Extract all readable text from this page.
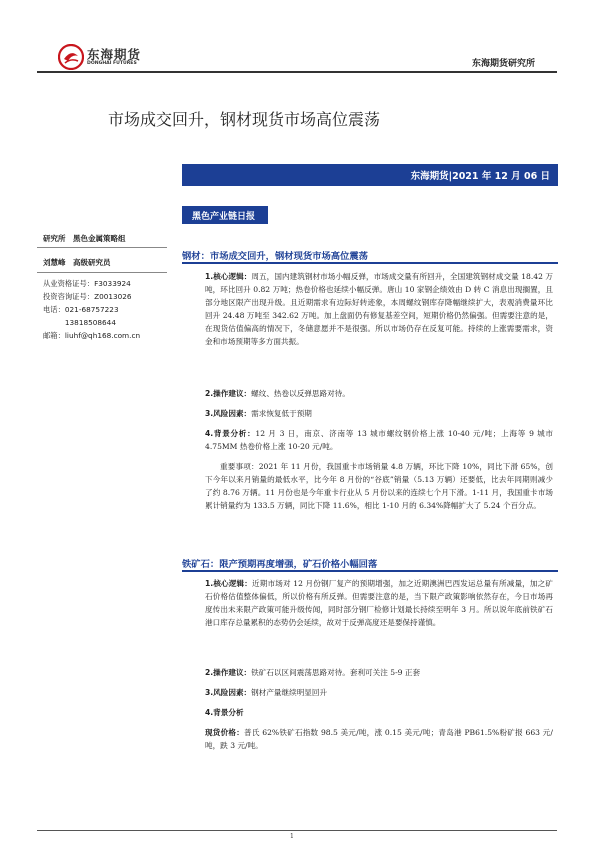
东海期货
DONGHAI FUTURES	东海期货研究所
市场成交回升，钢材现货市场高位震荡
东海期货|2021 年 12 月 06 日
黑色产业链日报
研究所　黑色金属策略组
刘慧峰　高级研究员
从业资格证号：F3033924
投资咨询证号：Z0013026
电话：021-68757223
　　　13818508644
邮箱：liuhf@qh168.com.cn
钢材：市场成交回升，钢材现货市场高位震荡
1.核心逻辑：周五，国内建筑钢材市场小幅反弹，市场成交量有所回升，全国建筑钢材成交量 18.42 万吨，环比回升 0.82 万吨；热卷价格也延续小幅反弹。唐山 10 家钢企绩效由 D 转 C 消息出现搁置，且部分地区限产出现升级。且近期需求有边际好转迹象，本周螺纹钢库存降幅继续扩大，表观消费量环比回升 24.48 万吨至 342.62 万吨。加上盘面仍有修复基差空间，短期价格仍然偏强。但需要注意的是，在现货估值偏高的情况下，冬储意愿并不是很强。所以市场仍存在反复可能。持续的上涨需要需求，资金和市场预期等多方面共振。
2.操作建议：螺纹、热卷以反弹思路对待。
3.风险因素：需求恢复低于预期
4.背景分析：12 月 3 日，南京、济南等 13 城市螺纹钢价格上涨 10-40 元/吨；上海等 9 城市 4.75MM 热卷价格上涨 10-20 元/吨。
重要事项：2021 年 11 月份，我国重卡市场销量 4.8 万辆，环比下降 10%，同比下滑 65%，创下今年以来月销量的最低水平，比今年 8 月份的“谷底”销量（5.13 万辆）还要低，比去年同期则减少了约 8.76 万辆。11 月份也是今年重卡行业从 5 月份以来的连续七个月下滑。1-11 月，我国重卡市场累计销量约为 133.5 万辆，同比下降 11.6%，相比 1-10 月的 6.34%降幅扩大了 5.24 个百分点。
铁矿石：限产预期再度增强，矿石价格小幅回落
1.核心逻辑：近期市场对 12 月份钢厂复产的预期增强，加之近期澳洲巴西发运总量有所减量，加之矿石价格估值整体偏低，所以价格有所反弹。但需要注意的是，当下限产政策影响依然存在，今日市场再度传出未来限产政策可能升级传闻，同时部分钢厂检修计划最长持续至明年 3 月。所以说年底前铁矿石港口库存总量累积的态势仍会延续，故对于反弹高度还是要保持谨慎。
2.操作建议：铁矿石以区间震荡思路对待。套利可关注 5-9 正套
3.风险因素：钢材产量继续明显回升
4.背景分析
现货价格：普氏 62%铁矿石指数 98.5 美元/吨，涨 0.15 美元/吨；青岛港 PB61.5%粉矿报 663 元/吨，跌 3 元/吨。
1
